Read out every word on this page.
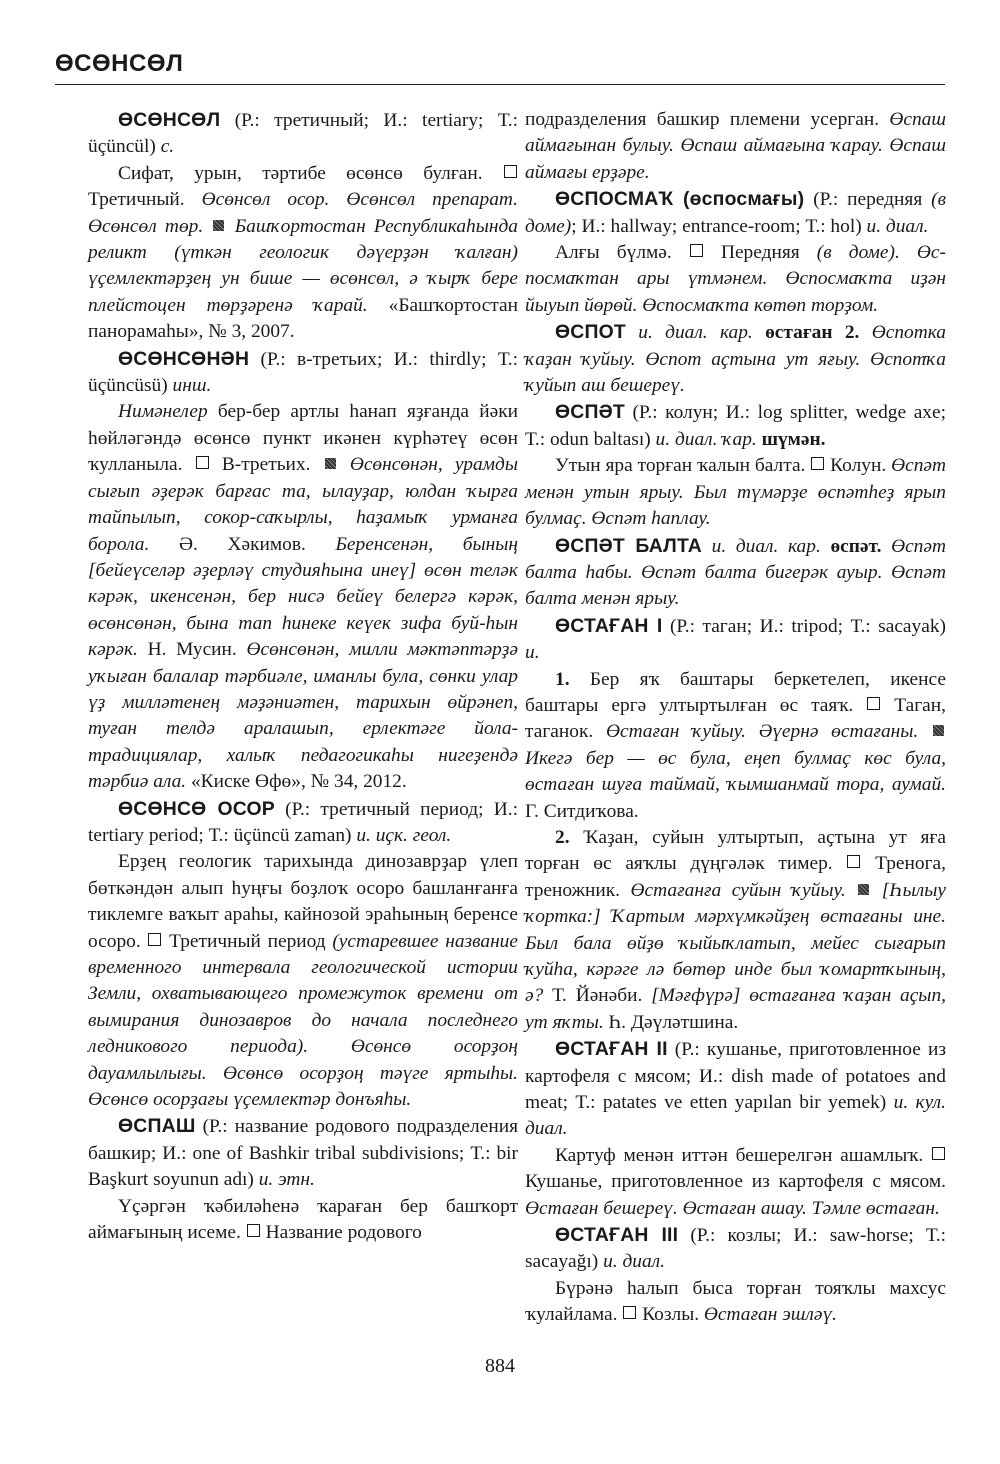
ӨСӨНСӨЛ

ӨСӨНСӨЛ (Р.: третичный; И.: tertiary; Т.: üçüncül) с.

Сифат, урын, тәртибе өсөнсө булған.  Третичный. Өсөнсөл осор. Өсөнсөл препарат. Өсөнсөл төр.  Башҡортостан Республикаһында реликт (үткән геологик дәүерҙән ҡалған) үҫемлектәрҙең ун бише — өсөнсөл, ә ҡырҡ бере плейстоцен төрҙәренә ҡарай. «Башҡортостан панорамаһы», № 3, 2007.

ӨСӨНСӨНӘН (Р.: в-третьих; И.: thirdly; Т.: üçüncüsü) инш.

Нимәнелер бер-бер артлы һанап яҙғанда йәки һөйләгәндә өсөнсө пункт икәнен күрһәтеү өсөн ҡулланыла.  В-третьих.  Өсөнсөнән, урамды сығып әҙерәк барғас та, ылауҙар, юлдан ҡырға тайпылып, сокор-саҡырлы, һаҙамыҡ урманға борола. Ә. Хәкимов. Беренсенән, бының [бейеүселәр әҙерләү студияһына инеү] өсөн теләк кәрәк, икенсенән, бер нисә бейеү белергә кәрәк, өсөнсөнән, бына тап һинеке кеүек зифа буй-һын кәрәк. Н. Мусин. Өсөнсөнән, милли мәктәптәрҙә уҡыған балалар тәрбиәле, иманлы була, сөнки улар үҙ милләтенең мәҙәниәтен, тарихын өйрәнеп, туған телдә аралашып, ерлектәге йола-традициялар, халыҡ педагогикаһы нигеҙендә тәрбиә ала. «Киске Өфө», № 34, 2012.

ӨСӨНСӨ ОСОР (Р.: третичный период; И.: tertiary period; Т.: üçüncü zaman) и. иҫк. геол.

Ерҙең геологик тарихында динозаврҙар үлеп бөткәндән алып һуңғы боҙлоҡ осоро башланғанға тиклемге ваҡыт араһы, кайнозой эраһының беренсе осоро.  Третичный период (устаревшее название временного интервала геологической истории Земли, охватывающего промежуток времени от вымирания динозавров до начала последнего ледникового периода). Өсөнсө осорҙоң дауамлылығы. Өсөнсө осорҙоң тәүге яртыһы. Өсөнсө осорҙағы үҫемлектәр донъяһы.

ӨСПАШ (Р.: название родового подразделения башкир; И.: one of Bashkir tribal subdivisions; Т.: bir Başkurt soyunun adı) и. этн.

Үҫәргән ҡәбиләһенә ҡараған бер башҡорт аймағының исеме.  Название родового

подразделения башкир племени усерган. Өспаш аймағынан булыу. Өспаш аймағына ҡарау. Өспаш аймағы ерҙәре.

ӨСПОСМАҠ (өспосмағы) (Р.: передняя (в доме); И.: hallway; entrance-room; Т.: hol) и. диал.

Алғы бүлмә.  Передняя (в доме). Өспосмаҡтан ары үтмәнем. Өспосмаҡта иҙән йыуып йөрөй. Өспосмаҡта көтөп торҙом.

ӨСПОТ и. диал. кар. өстаған 2. Өспотка ҡаҙан ҡуйыу. Өспот аҫтына ут яғыу. Өспотҡа ҡуйып аш бешереү.

ӨСПӘТ (Р.: колун; И.: log splitter, wedge axe; Т.: odun baltası) и. диал. ҡар. шүмән.

Утын яра торған ҡалын балта.  Колун. Өспәт менән утын ярыу. Был түмәрҙе өспәтһеҙ ярып булмаҫ. Өспәт һаплау.

ӨСПӘТ БАЛТА и. диал. кар. өспәт. Өспәт балта һабы. Өспәт балта бигерәк ауыр. Өспәт балта менән ярыу.

ӨСТАҒАН I (Р.: таган; И.: tripod; Т.: sacayak) и.

1. Бер яҡ баштары беркетелеп, икенсе баштары ергә ултыртылған өс таяҡ.  Таган, таганок. Өстаған ҡуйыу. Әүернә өстағаны.  Икегә бер — өс була, еңеп булмаҫ көс була, өстаған шуға таймай, ҡымшанмай тора, аумай. Г. Ситдиҡова.

2. Ҡаҙан, суйын ултыртып, аҫтына ут яға торған өс аяҡлы дүңгәләк тимер.  Тренога, треножник. Өстағанға суйын ҡуйыу.  [Һылыу ҡортка:] Ҡартым мәрхүмкәйҙең өстағаны ине. Был бала өйҙө ҡыйыҡлатып, мейес сығарып ҡуйһа, кәрәге лә бөтөр инде был ҡомартҡының, ә? Т. Йәнәби. [Мәғфүрә] өстағанға ҡаҙан аҫып, ут яҡты. Һ. Дәүләтшина.

ӨСТАҒАН II (Р.: кушанье, приготовленное из картофеля с мясом; И.: dish made of potatoes and meat; Т.: patates ve etten yapılan bir yemek) и. кул. диал.

Картуф менән иттән бешерелгән ашамлыҡ.  Кушанье, приготовленное из картофеля с мясом. Өстаған бешереү. Өстаған ашау. Тәмле өстаған.

ӨСТАҒАН III (Р.: козлы; И.: saw-horse; Т.: sacayağı) и. диал.

Бүрәнә һалып быса торған тояҡлы махсус ҡулайлама.  Козлы. Өстаған эшләү.

884
